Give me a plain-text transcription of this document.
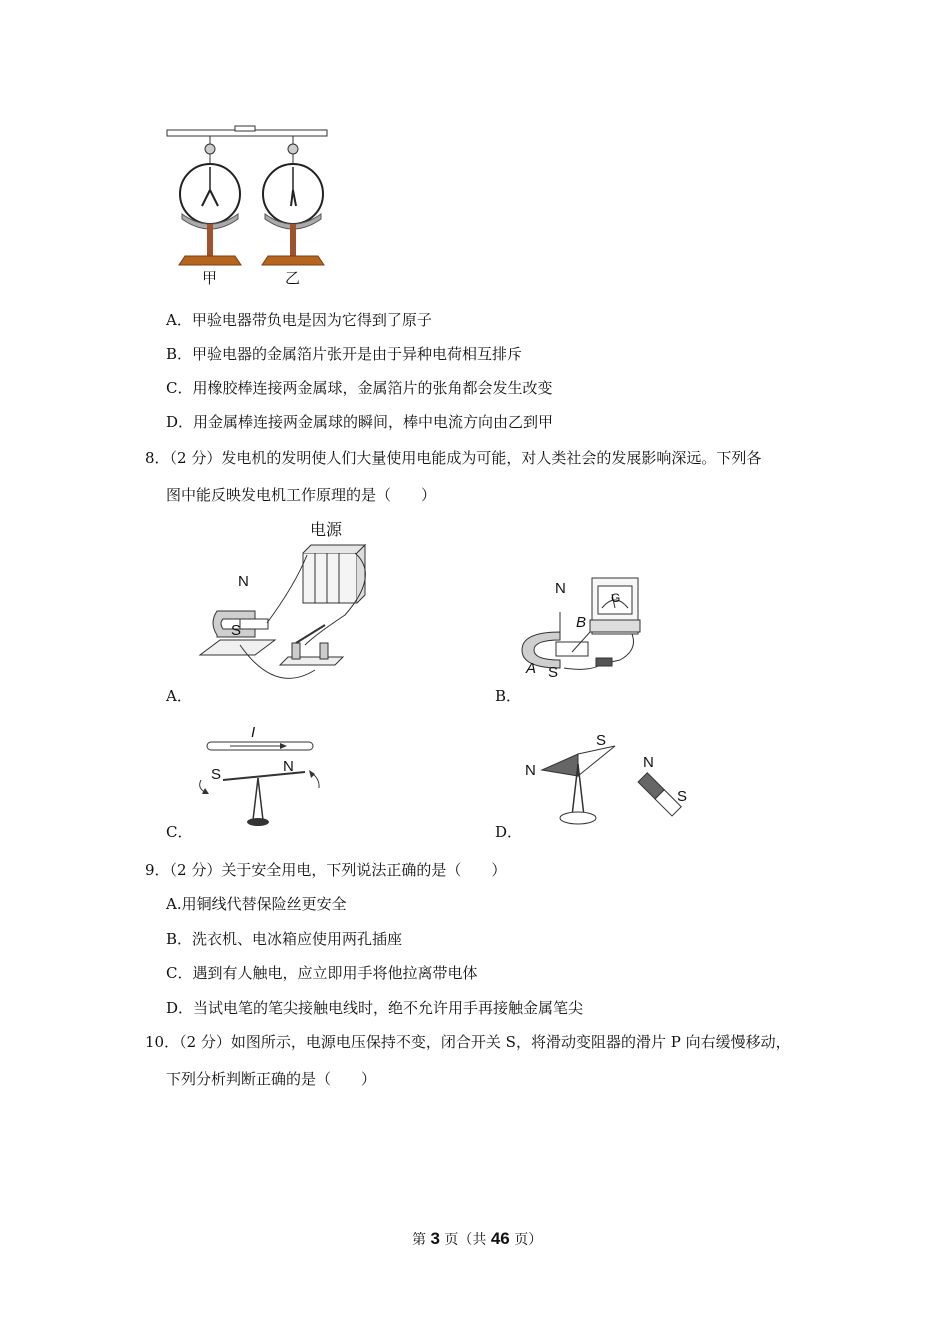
甲	乙
A．甲验电器带负电是因为它得到了原子
B．甲验电器的金属箔片张开是由于异种电荷相互排斥
C．用橡胶棒连接两金属球，金属箔片的张角都会发生改变
D．用金属棒连接两金属球的瞬间，棒中电流方向由乙到甲
8．（2 分）发电机的发明使人们大量使用电能成为可能，对人类社会的发展影响深远。下列各
图中能反映发电机工作原理的是（　　）
电源
N
S
A．
N
B
G
A S
B．
I
S	N
C．
N
S
N
S
D．
9．（2 分）关于安全用电，下列说法正确的是（　　）
A.用铜线代替保险丝更安全
B．洗衣机、电冰箱应使用两孔插座
C．遇到有人触电，应立即用手将他拉离带电体
D．当试电笔的笔尖接触电线时，绝不允许用手再接触金属笔尖
10．（2 分）如图所示，电源电压保持不变，闭合开关 S，将滑动变阻器的滑片 P 向右缓慢移动，
下列分析判断正确的是（　　）
第 3 页（共 46 页）
